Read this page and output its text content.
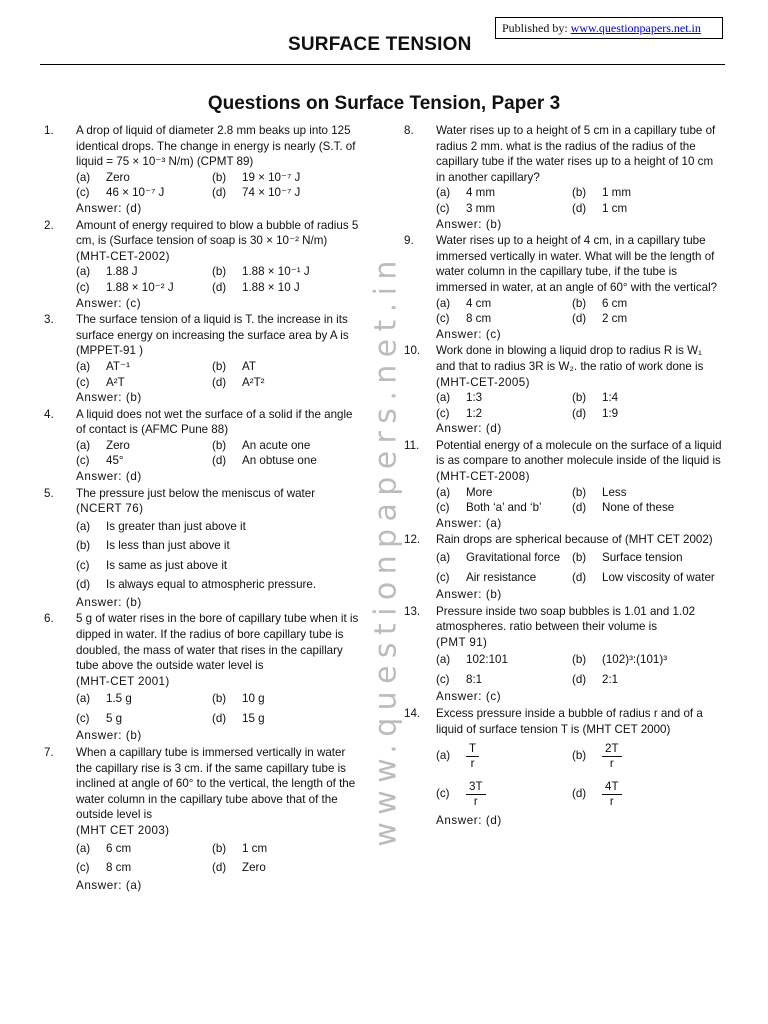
Published by: www.questionpapers.net.in
SURFACE TENSION
Questions on Surface Tension, Paper 3
www.questionpapers.net.in
1. A drop of liquid of diameter 2.8 mm beaks up into 125 identical drops. The change in energy is nearly (S.T. of liquid = 75 × 10⁻³ N/m) (CPMT 89)
(a)	Zero	(b)	19 × 10⁻⁷ J
(c)	46 × 10⁻⁷ J	(d)	74 × 10⁻⁷ J
Answer: (d)
2. Amount of energy required to blow a bubble of radius 5 cm, is (Surface tension of soap is 30 × 10⁻² N/m)
(MHT-CET-2002)
(a)	1.88 J	(b)	1.88 × 10⁻¹ J
(c)	1.88 × 10⁻² J	(d)	1.88 × 10 J
Answer: (c)
3. The surface tension of a liquid is T. the increase in its surface energy on increasing the surface area by A is (MPPET-91 )
(a)	AT⁻¹	(b)	AT
(c)	A²T	(d)	A²T²
Answer: (b)
4. A liquid does not wet the surface of a solid if the angle of contact is (AFMC Pune 88)
(a)	Zero	(b)	An acute one
(c)	45°	(d)	An obtuse one
Answer: (d)
5. The pressure just below the meniscus of water
(NCERT 76)
(a)	Is greater than just above it
(b)	Is less than just above it
(c)	Is same as just above it
(d)	Is always equal to atmospheric pressure.
Answer: (b)
6. 5 g of water rises in the bore of capillary tube when it is dipped in water. If the radius of bore capillary tube is doubled, the mass of water that rises in the capillary tube above the outside water level is
(MHT-CET 2001)
(a)	1.5 g	(b)	10 g
(c)	5 g	(d)	15 g
Answer: (b)
7. When a capillary tube is immersed vertically in water the capillary rise is 3 cm. if the same capillary tube is inclined at angle of 60° to the vertical, the length of the water column in the capillary tube above that of the outside level is
(MHT CET 2003)
(a)	6 cm	(b)	1 cm
(c)	8 cm	(d)	Zero
Answer: (a)
8. Water rises up to a height of 5 cm in a capillary tube of radius 2 mm. what is the radius of the radius of the capillary tube if the water rises up to a height of 10 cm in another capillary?
(a)	4 mm	(b)	1 mm
(c)	3 mm	(d)	1 cm
Answer: (b)
9. Water rises up to a height of 4 cm, in a capillary tube immersed vertically in water. What will be the length of water column in the capillary tube, if the tube is immersed in water, at an angle of 60° with the vertical?
(a)	4 cm	(b)	6 cm
(c)	8 cm	(d)	2 cm
Answer: (c)
10. Work done in blowing a liquid drop to radius R is W₁ and that to radius 3R is W₂. the ratio of work done is
(MHT-CET-2005)
(a)	1:3	(b)	1:4
(c)	1:2	(d)	1:9
Answer: (d)
11. Potential energy of a molecule on the surface of a liquid is as compare to another molecule inside of the liquid is
(MHT-CET-2008)
(a)	More	(b)	Less
(c)	Both ‘a’ and ‘b’	(d)	None of these
Answer: (a)
12. Rain drops are spherical because of (MHT CET 2002)
(a)	Gravitational force (b)	Surface tension
(c)	Air resistance	(d)	Low viscosity of water
Answer: (b)
13. Pressure inside two soap bubbles is 1.01 and 1.02 atmospheres. ratio between their volume is
(PMT 91)
(a)	102:101	(b)	(102)³:(101)³
(c)	8:1	(d)	2:1
Answer: (c)
14. Excess pressure inside a bubble of radius r and of a liquid of surface tension T is (MHT CET 2000)
(a)	$\frac{T}{r}$	(b)	$\frac{2T}{r}$
(c)	$\frac{3T}{r}$	(d)	$\frac{4T}{r}$
Answer: (d)
